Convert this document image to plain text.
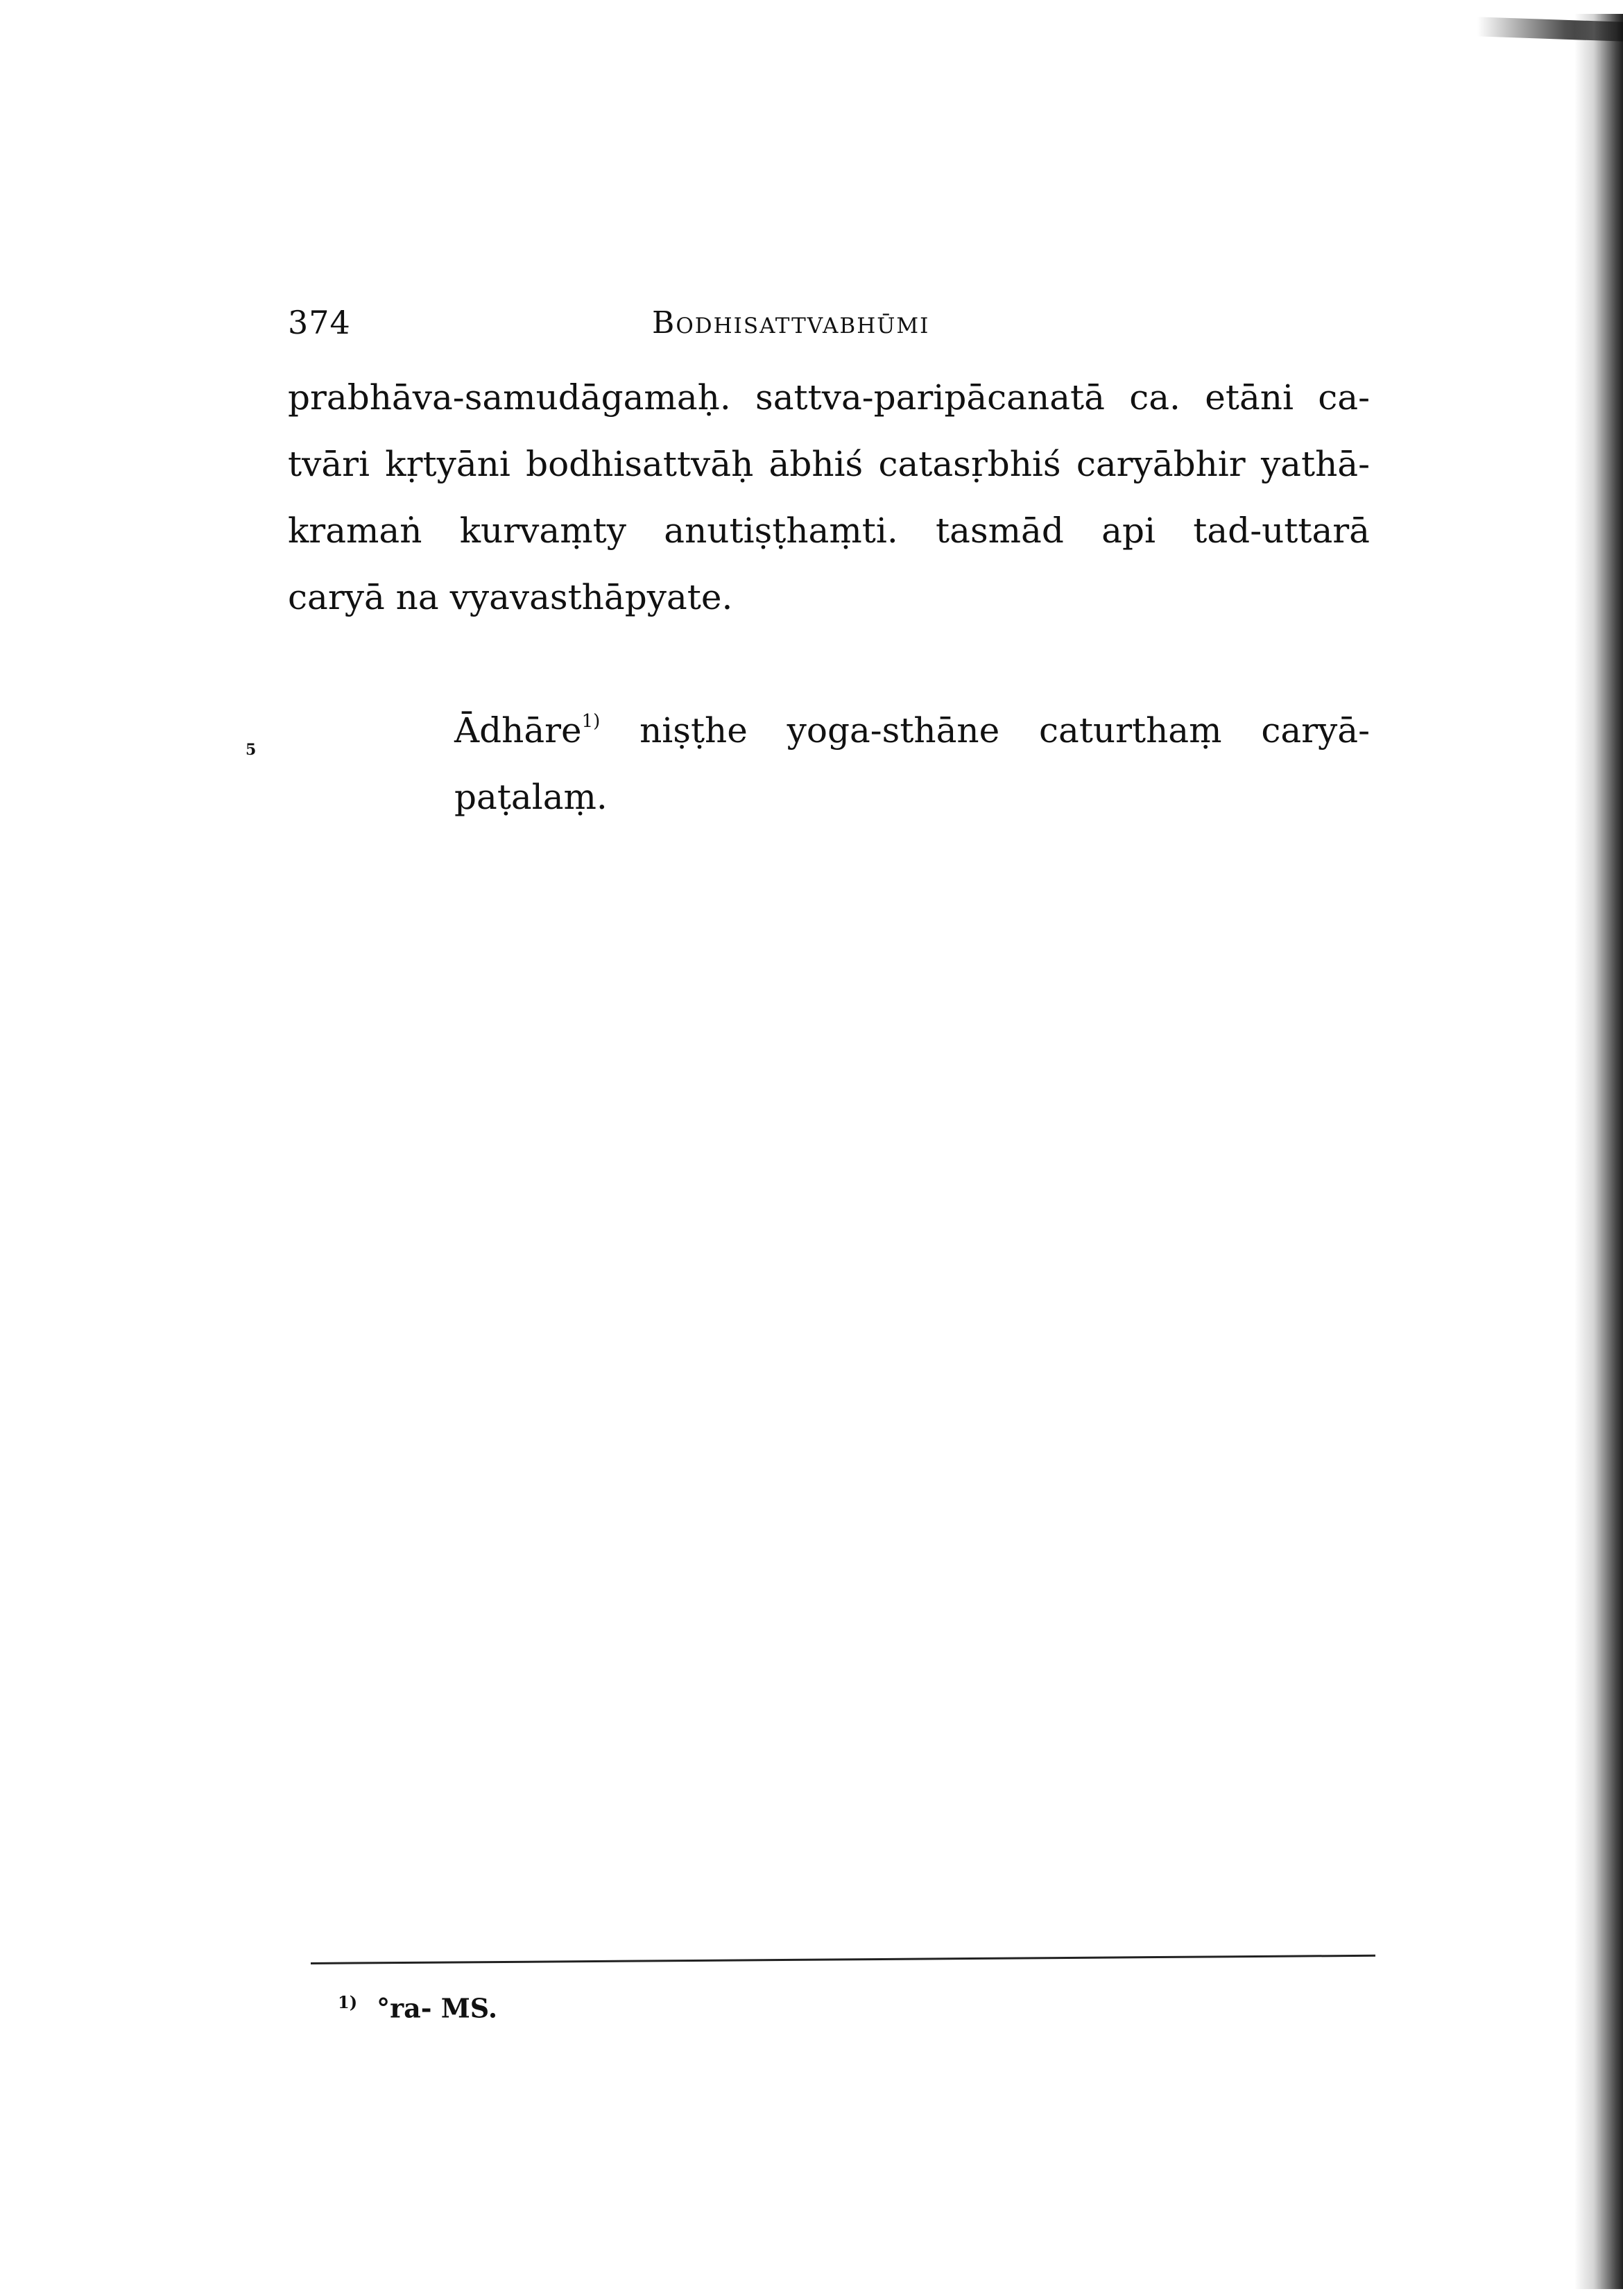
374	Bodhisattvabhūmi
prabhāva-samudāgamaḥ. sattva-paripācanatā ca. etāni ca-
tvāri kṛtyāni bodhisattvāḥ ābhiś catasṛbhiś caryābhir yathā-
kramaṅ kurvaṃty anutiṣṭhaṃti. tasmād api tad-uttarā
caryā na vyavasthāpyate.
5	Ādhāre$^{1)}$ niṣṭhe yoga-sthāne caturthaṃ caryā-
paṭalaṃ.
$^{1)}$ °ra- MS.
